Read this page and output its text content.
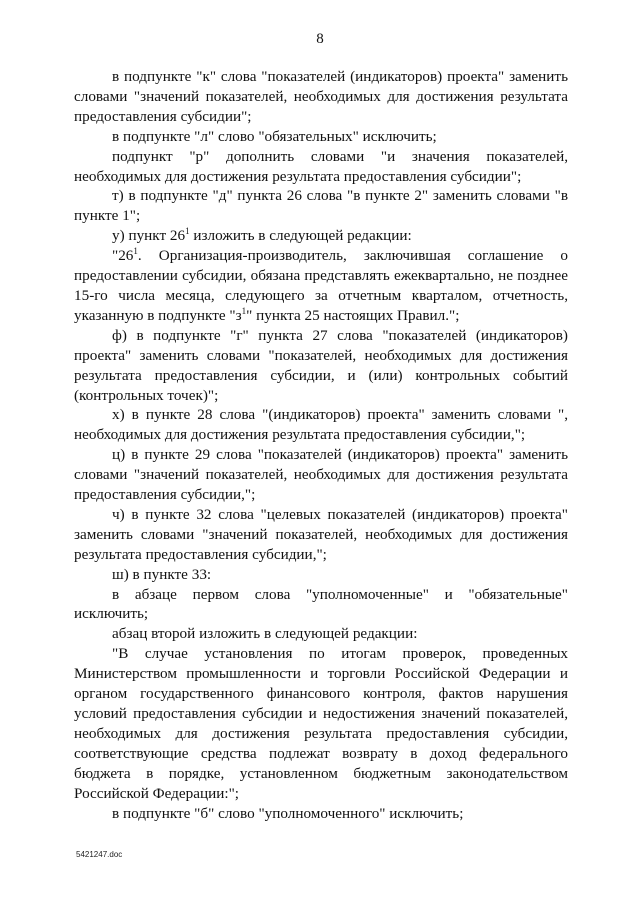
8

в подпункте "к" слова "показателей (индикаторов) проекта" заменить словами "значений показателей, необходимых для достижения результата предоставления субсидии";

в подпункте "л" слово "обязательных" исключить;

подпункт "р" дополнить словами "и значения показателей, необходимых для достижения результата предоставления субсидии";

т) в подпункте "д" пункта 26 слова "в пункте 2" заменить словами "в пункте 1";

у) пункт $26^1$ изложить в следующей редакции:

"$26^1$. Организация-производитель, заключившая соглашение о предоставлении субсидии, обязана представлять ежеквартально, не позднее 15-го числа месяца, следующего за отчетным кварталом, отчетность, указанную в подпункте "$з^1$" пункта 25 настоящих Правил.";

ф) в подпункте "г" пункта 27 слова "показателей (индикаторов) проекта" заменить словами "показателей, необходимых для достижения результата предоставления субсидии, и (или) контрольных событий (контрольных точек)";

х) в пункте 28 слова "(индикаторов) проекта" заменить словами ", необходимых для достижения результата предоставления субсидии,";

ц) в пункте 29 слова "показателей (индикаторов) проекта" заменить словами "значений показателей, необходимых для достижения результата предоставления субсидии,";

ч) в пункте 32 слова "целевых показателей (индикаторов) проекта" заменить словами "значений показателей, необходимых для достижения результата предоставления субсидии,";

ш) в пункте 33:

в абзаце первом слова "уполномоченные" и "обязательные" исключить;

абзац второй изложить в следующей редакции:

"В случае установления по итогам проверок, проведенных Министерством промышленности и торговли Российской Федерации и органом государственного финансового контроля, фактов нарушения условий предоставления субсидии и недостижения значений показателей, необходимых для достижения результата предоставления субсидии, соответствующие средства подлежат возврату в доход федерального бюджета в порядке, установленном бюджетным законодательством Российской Федерации:";

в подпункте "б" слово "уполномоченного" исключить;

5421247.doc
